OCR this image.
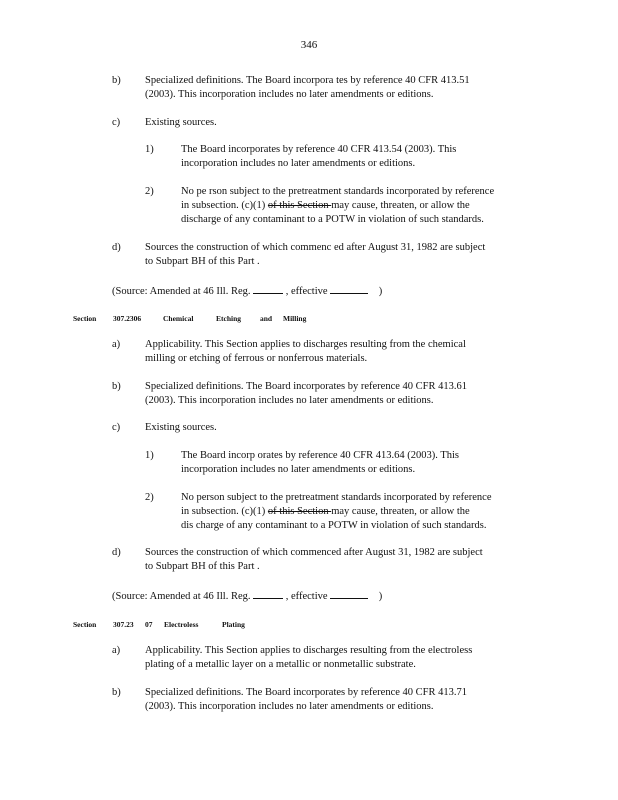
346
b) Specialized definitions. The Board incorpora tes by reference 40 CFR 413.51
(2003). This incorporation includes no later amendments or editions.
c) Existing sources.
1)	The Board incorporates by reference 40 CFR 413.54 (2003). This
incorporation includes no later amendments or editions.
2)	No pe rson subject to the pretreatment standards incorporated by reference
in subsection. (c)(1) of this Section may cause, threaten, or allow the
discharge of any contaminant to a POTW in violation of such standards.
d) Sources the construction of which commenc ed after August 31, 1982 are subject
to Subpart BH of this Part .
(Source: Amended at 46 Ill. Reg.	, effective	)
Section 307.2306	Chemical	Etching	and Milling
a) Applicability. This Section applies to discharges resulting from the chemical
milling or etching of ferrous or nonferrous materials.
b) Specialized definitions. The Board incorporates by reference 40 CFR 413.61
(2003). This incorporation includes no later amendments or editions.
c) Existing sources.
1)	The Board incorp orates by reference 40 CFR 413.64 (2003). This
incorporation includes no later amendments or editions.
2)	No person subject to the pretreatment standards incorporated by reference
in subsection. (c)(1) of this Section may cause, threaten, or allow the
dis charge of any contaminant to a POTW in violation of such standards.
d) Sources the construction of which commenced after August 31, 1982 are subject
to Subpart BH of this Part .
(Source: Amended at 46 Ill. Reg.	, effective	)
Section 307.23 07 Electroless	Plating
a) Applicability. This Section applies to discharges resulting from the electroless
plating of a metallic layer on a metallic or nonmetallic substrate.
b) Specialized definitions. The Board incorporates by reference 40 CFR 413.71
(2003). This incorporation includes no later amendments or editions.
